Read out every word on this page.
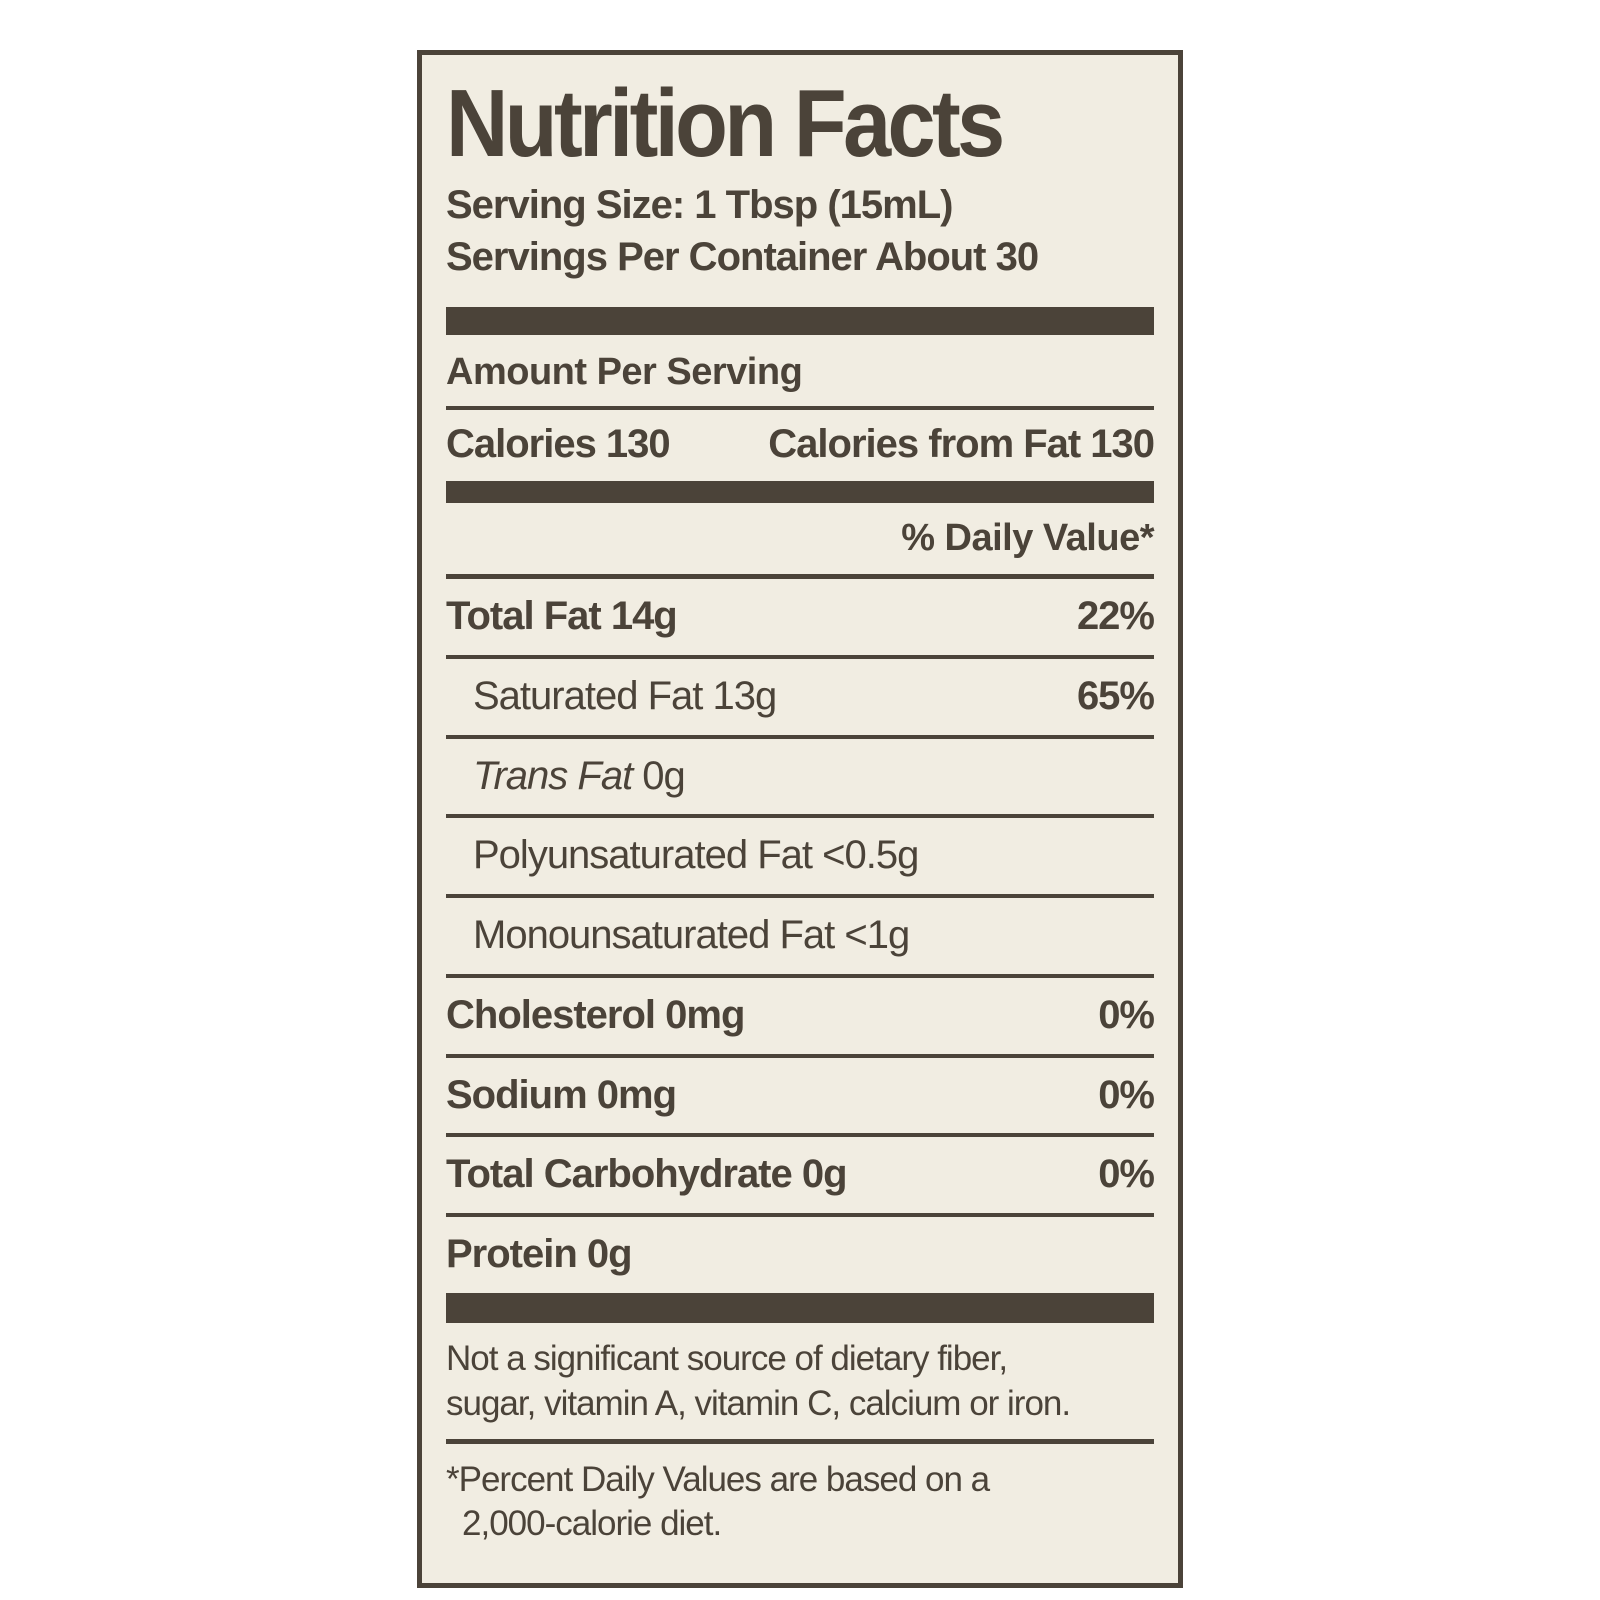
Nutrition Facts
Serving Size: 1 Tbsp (15mL)
Servings Per Container About 30
Amount Per Serving
Calories 130 Calories from Fat 130
% Daily Value*
Total Fat 14g	22%
Saturated Fat 13g	65%
Trans Fat 0g
Polyunsaturated Fat <0.5g
Monounsaturated Fat <1g
Cholesterol 0mg	0%
Sodium 0mg	0%
Total Carbohydrate 0g	0%
Protein 0g
Not a significant source of dietary fiber,
sugar, vitamin A, vitamin C, calcium or iron.
*Percent Daily Values are based on a
2,000-calorie diet.
